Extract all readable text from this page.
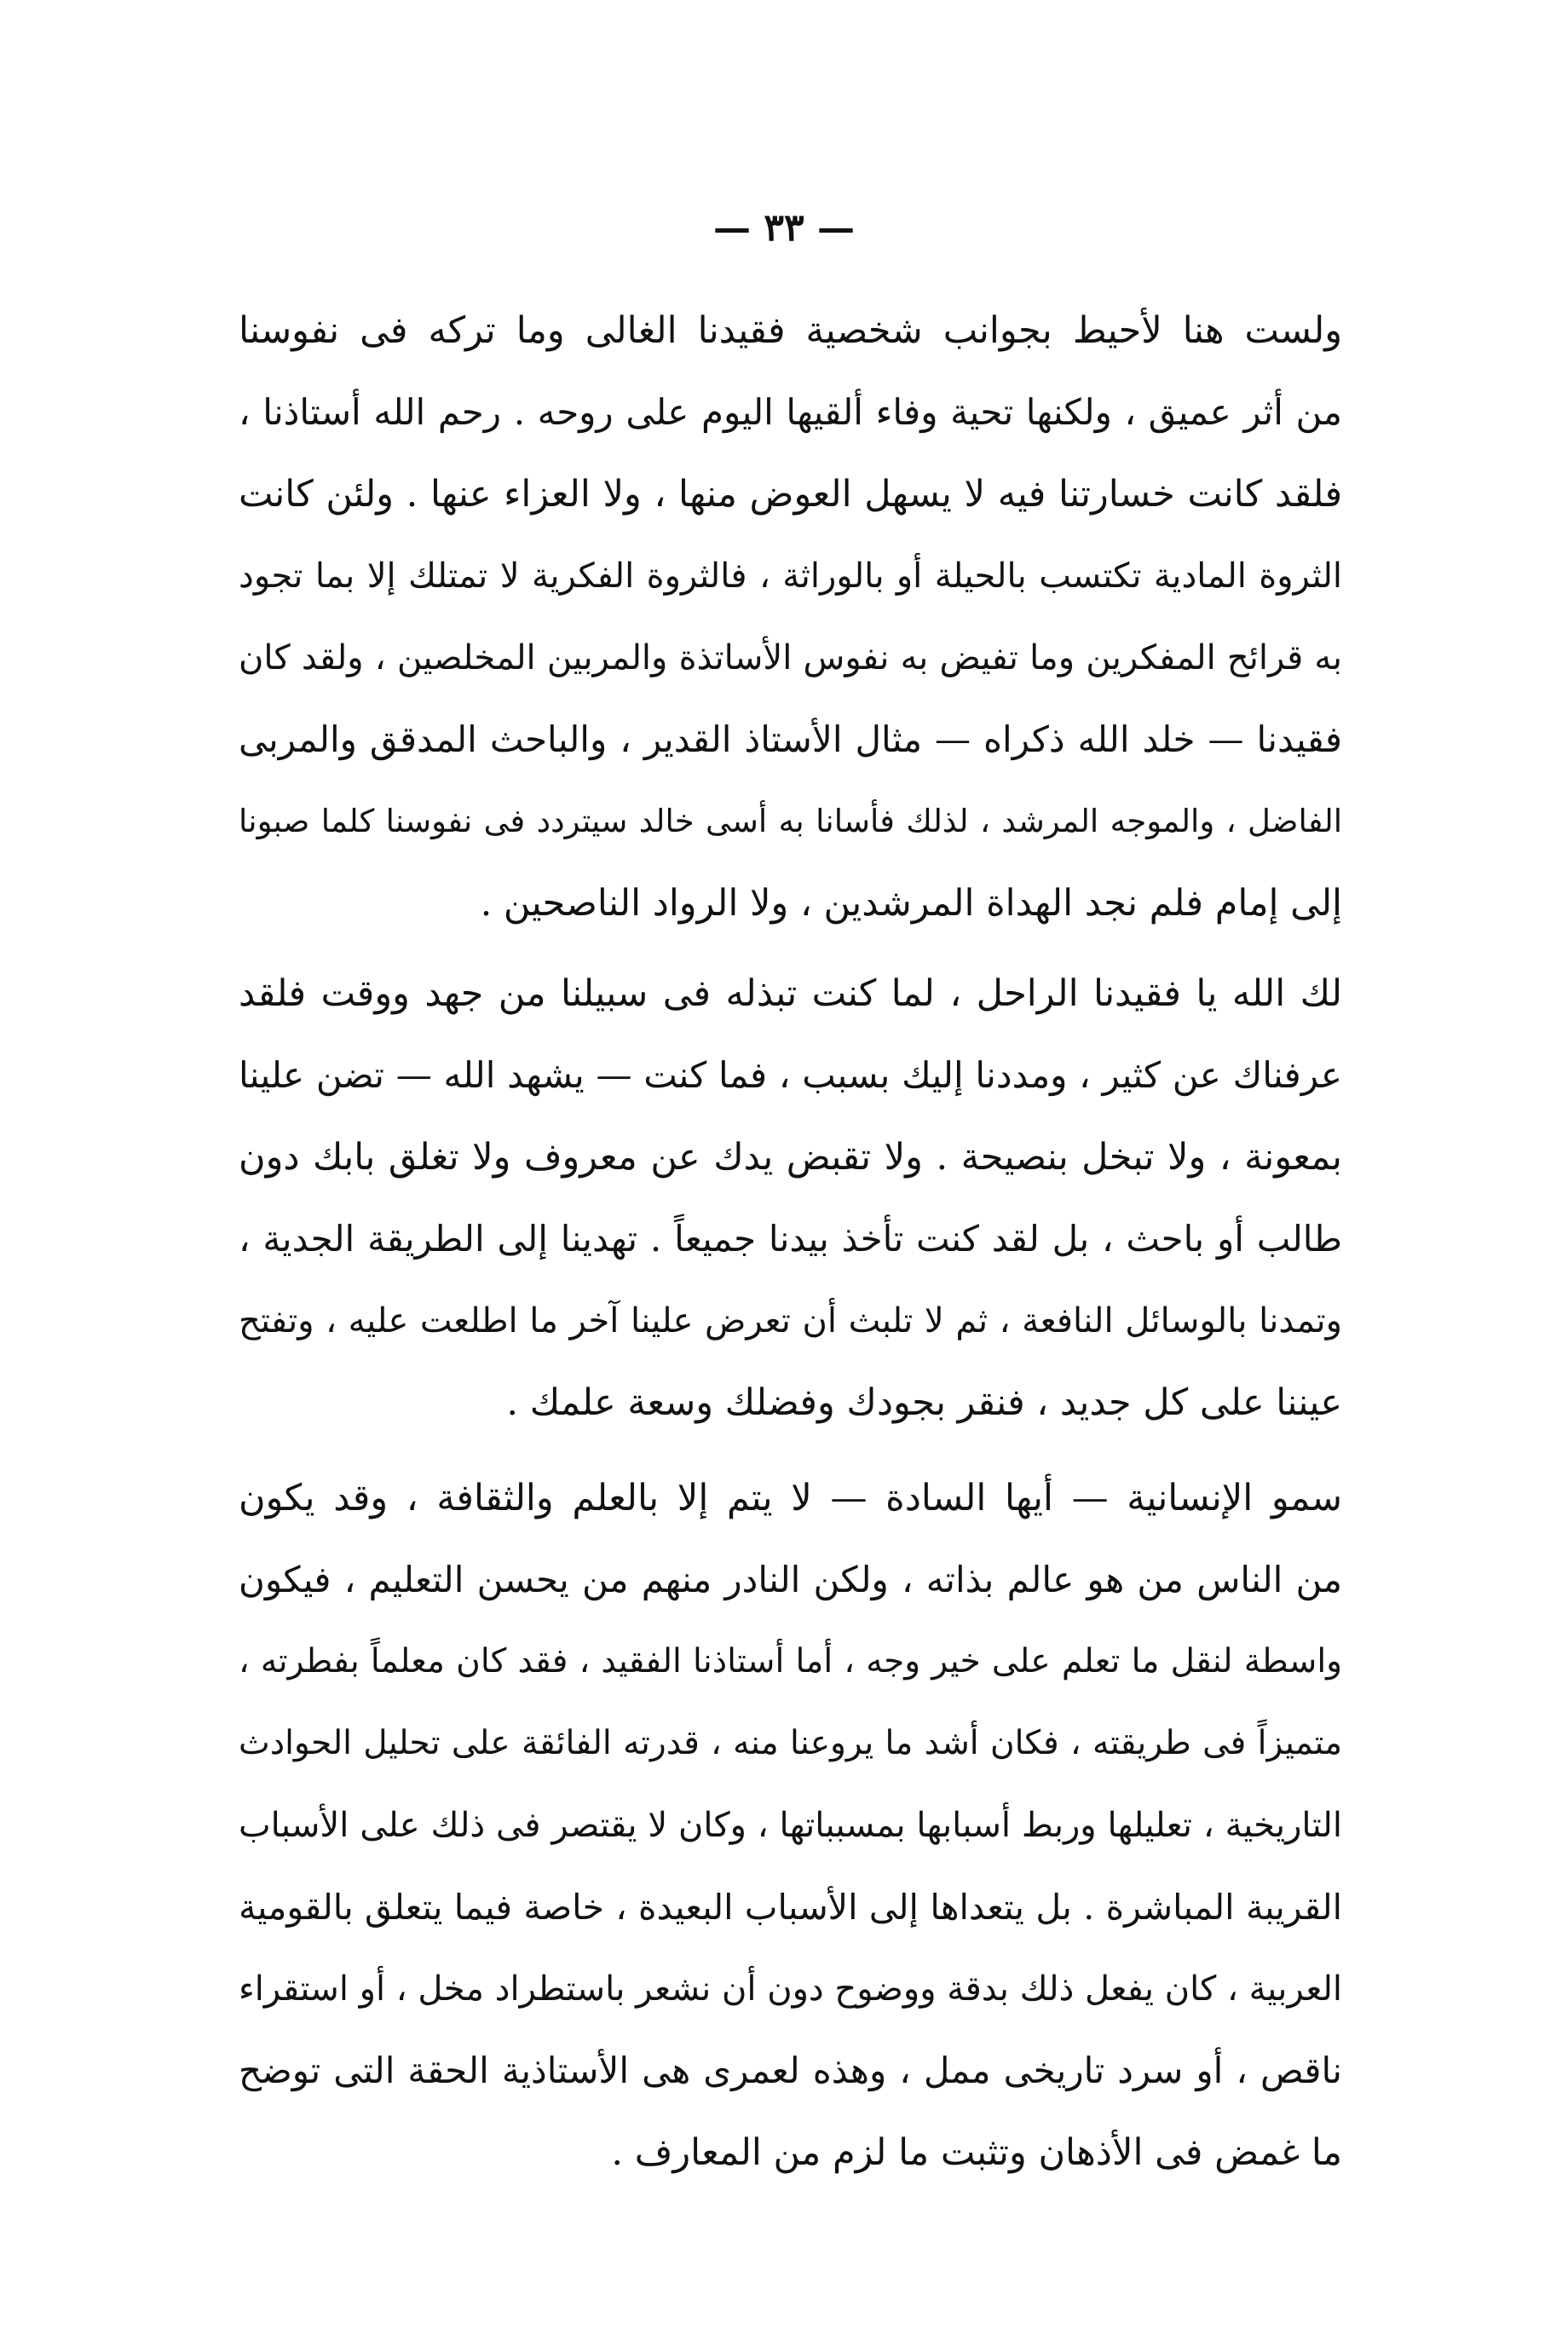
— ٣٣ —
ولست هنا لأحيط بجوانب شخصية فقيدنا الغالى وما تركه فى نفوسنا
من أثر عميق ، ولكنها تحية وفاء ألقيها اليوم على روحه . رحم الله أستاذنا ،
فلقد كانت خسارتنا فيه لا يسهل العوض منها ، ولا العزاء عنها . ولئن كانت
الثروة المادية تكتسب بالحيلة أو بالوراثة ، فالثروة الفكرية لا تمتلك إلا بما تجود
به قرائح المفكرين وما تفيض به نفوس الأساتذة والمربين المخلصين ، ولقد كان
فقيدنا — خلد الله ذكراه — مثال الأستاذ القدير ، والباحث المدقق والمربى
الفاضل ، والموجه المرشد ، لذلك فأسانا به أسى خالد سيتردد فى نفوسنا كلما صبونا
إلى إمام فلم نجد الهداة المرشدين ، ولا الرواد الناصحين .
لك الله يا فقيدنا الراحل ، لما كنت تبذله فى سبيلنا من جهد ووقت فلقد
عرفناك عن كثير ، ومددنا إليك بسبب ، فما كنت — يشهد الله — تضن علينا
بمعونة ، ولا تبخل بنصيحة . ولا تقبض يدك عن معروف ولا تغلق بابك دون
طالب أو باحث ، بل لقد كنت تأخذ بيدنا جميعاً . تهدينا إلى الطريقة الجدية ،
وتمدنا بالوسائل النافعة ، ثم لا تلبث أن تعرض علينا آخر ما اطلعت عليه ، وتفتح
عيننا على كل جديد ، فنقر بجودك وفضلك وسعة علمك .
سمو الإنسانية — أيها السادة — لا يتم إلا بالعلم والثقافة ، وقد يكون
من الناس من هو عالم بذاته ، ولكن النادر منهم من يحسن التعليم ، فيكون
واسطة لنقل ما تعلم على خير وجه ، أما أستاذنا الفقيد ، فقد كان معلماً بفطرته ،
متميزاً فى طريقته ، فكان أشد ما يروعنا منه ، قدرته الفائقة على تحليل الحوادث
التاريخية ، تعليلها وربط أسبابها بمسبباتها ، وكان لا يقتصر فى ذلك على الأسباب
القريبة المباشرة . بل يتعداها إلى الأسباب البعيدة ، خاصة فيما يتعلق بالقومية
العربية ، كان يفعل ذلك بدقة ووضوح دون أن نشعر باستطراد مخل ، أو استقراء
ناقص ، أو سرد تاريخى ممل ، وهذه لعمرى هى الأستاذية الحقة التى توضح
ما غمض فى الأذهان وتثبت ما لزم من المعارف .
